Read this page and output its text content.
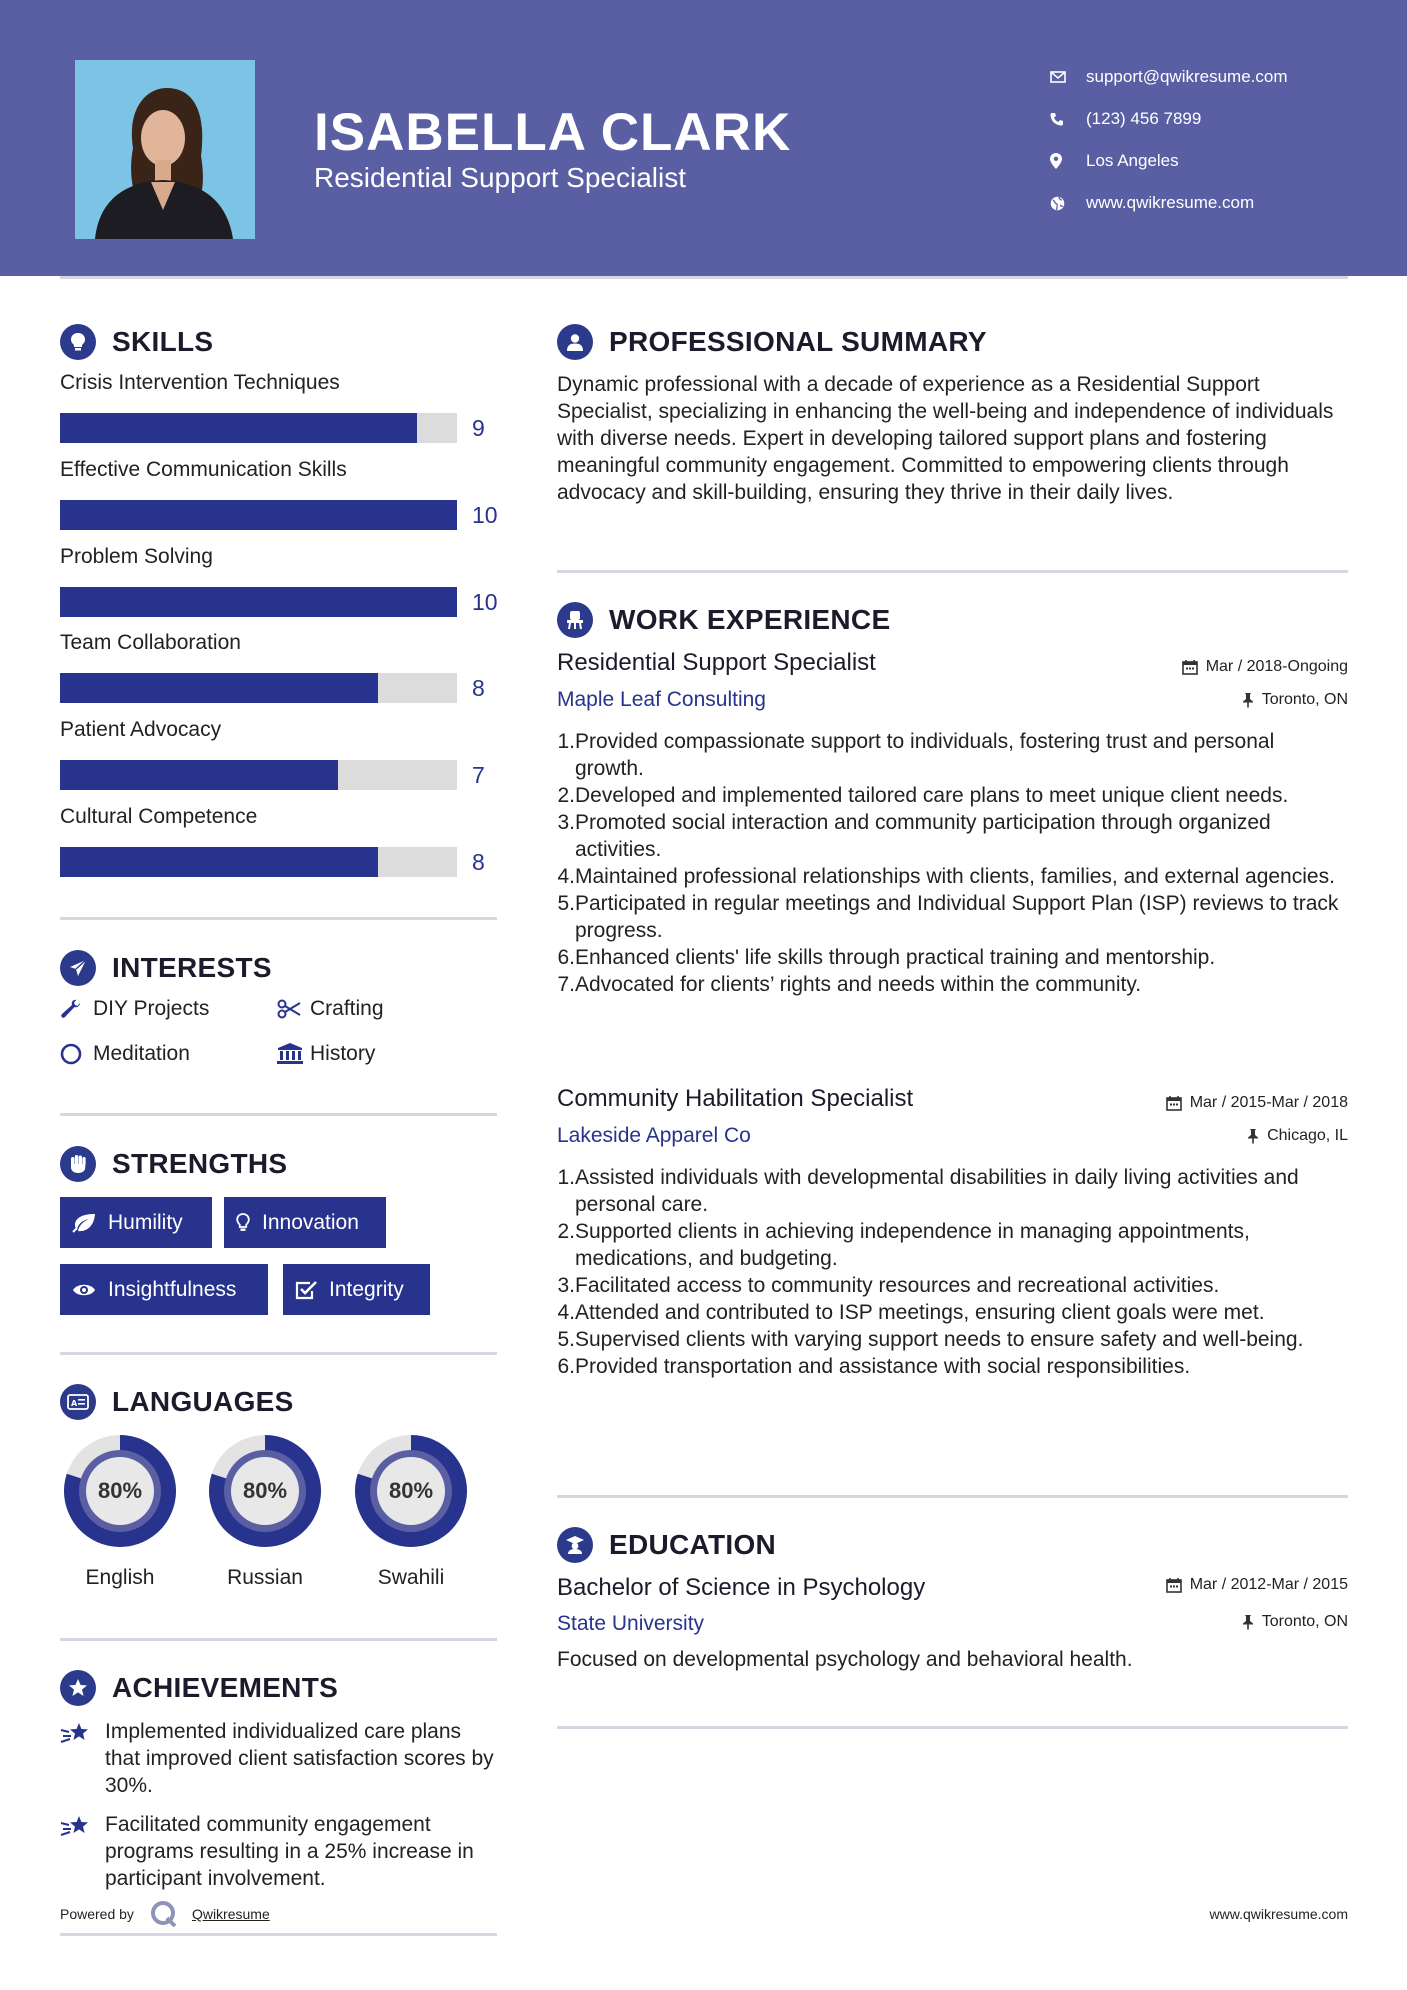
ISABELLA CLARK
Residential Support Specialist
support@qwikresume.com
(123) 456 7899
Los Angeles
www.qwikresume.com
SKILLS
Crisis Intervention Techniques
9
Effective Communication Skills
10
Problem Solving
10
Team Collaboration
8
Patient Advocacy
7
Cultural Competence
8
INTERESTS
DIY Projects	Crafting
Meditation	History
STRENGTHS
Humility	Innovation
Insightfulness	Integrity
A LANGUAGES
80%
English
80%
Russian
80%
Swahili
ACHIEVEMENTS
Implemented individualized care plans that improved client satisfaction scores by 30%.
Facilitated community engagement programs resulting in a 25% increase in participant involvement.
Powered by	Qwikresume	www.qwikresume.com
PROFESSIONAL SUMMARY
Dynamic professional with a decade of experience as a Residential Support Specialist, specializing in enhancing the well-being and independence of individuals with diverse needs. Expert in developing tailored support plans and fostering meaningful community engagement. Committed to empowering clients through advocacy and skill-building, ensuring they thrive in their daily lives.
WORK EXPERIENCE
Residential Support Specialist	Mar / 2018-Ongoing
Maple Leaf Consulting	Toronto, ON
1. Provided compassionate support to individuals, fostering trust and personal growth.
2. Developed and implemented tailored care plans to meet unique client needs.
3. Promoted social interaction and community participation through organized activities.
4. Maintained professional relationships with clients, families, and external agencies.
5. Participated in regular meetings and Individual Support Plan (ISP) reviews to track progress.
6. Enhanced clients' life skills through practical training and mentorship.
7. Advocated for clients’ rights and needs within the community.
Community Habilitation Specialist	Mar / 2015-Mar / 2018
Lakeside Apparel Co	Chicago, IL
1. Assisted individuals with developmental disabilities in daily living activities and personal care.
2. Supported clients in achieving independence in managing appointments, medications, and budgeting.
3. Facilitated access to community resources and recreational activities.
4. Attended and contributed to ISP meetings, ensuring client goals were met.
5. Supervised clients with varying support needs to ensure safety and well-being.
6. Provided transportation and assistance with social responsibilities.
EDUCATION
Bachelor of Science in Psychology	Mar / 2012-Mar / 2015
State University	Toronto, ON
Focused on developmental psychology and behavioral health.
